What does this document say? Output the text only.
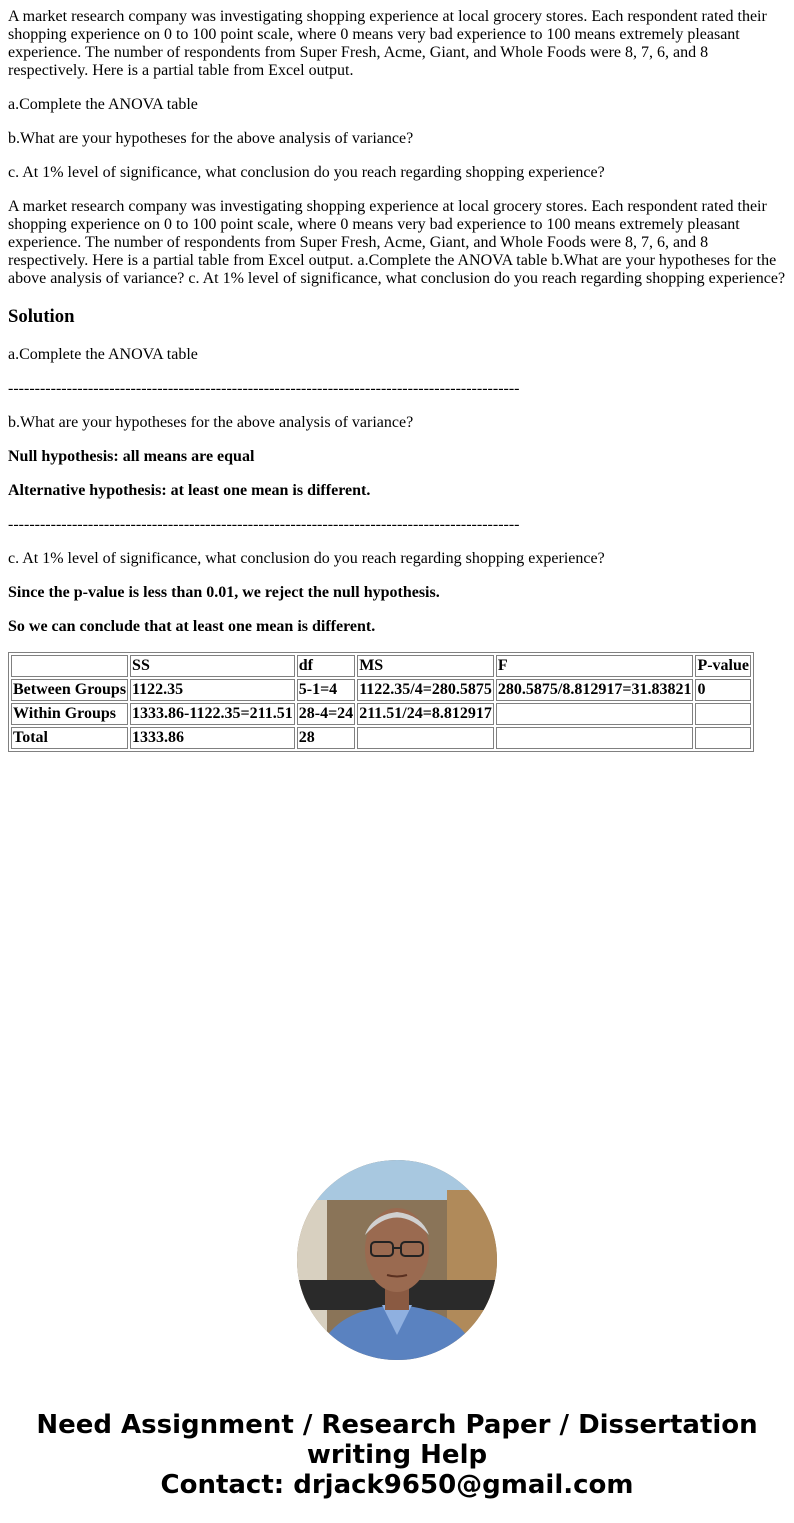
A market research company was investigating shopping experience at local grocery stores. Each respondent rated their shopping experience on 0 to 100 point scale, where 0 means very bad experience to 100 means extremely pleasant experience. The number of respondents from Super Fresh, Acme, Giant, and Whole Foods were 8, 7, 6, and 8 respectively. Here is a partial table from Excel output.

a.Complete the ANOVA table

b.What are your hypotheses for the above analysis of variance?

c. At 1% level of significance, what conclusion do you reach regarding shopping experience?

A market research company was investigating shopping experience at local grocery stores. Each respondent rated their shopping experience on 0 to 100 point scale, where 0 means very bad experience to 100 means extremely pleasant experience. The number of respondents from Super Fresh, Acme, Giant, and Whole Foods were 8, 7, 6, and 8 respectively. Here is a partial table from Excel output. a.Complete the ANOVA table b.What are your hypotheses for the above analysis of variance? c. At 1% level of significance, what conclusion do you reach regarding shopping experience?

Solution

a.Complete the ANOVA table

------------------------------------------------------------------------------------------------

b.What are your hypotheses for the above analysis of variance?

Null hypothesis: all means are equal

Alternative hypothesis: at least one mean is different.

------------------------------------------------------------------------------------------------

c. At 1% level of significance, what conclusion do you reach regarding shopping experience?

Since the p-value is less than 0.01, we reject the null hypothesis.

So we can conclude that at least one mean is different.

	SS	df	MS	F	P-value
Between Groups	1122.35	5-1=4	1122.35/4=280.5875	280.5875/8.812917=31.83821	0
Within Groups	1333.86-1122.35=211.51	28-4=24	211.51/24=8.812917		
Total	1333.86	28			
Need Assignment / Research Paper / Dissertation writing Help
Contact: drjack9650@gmail.com
